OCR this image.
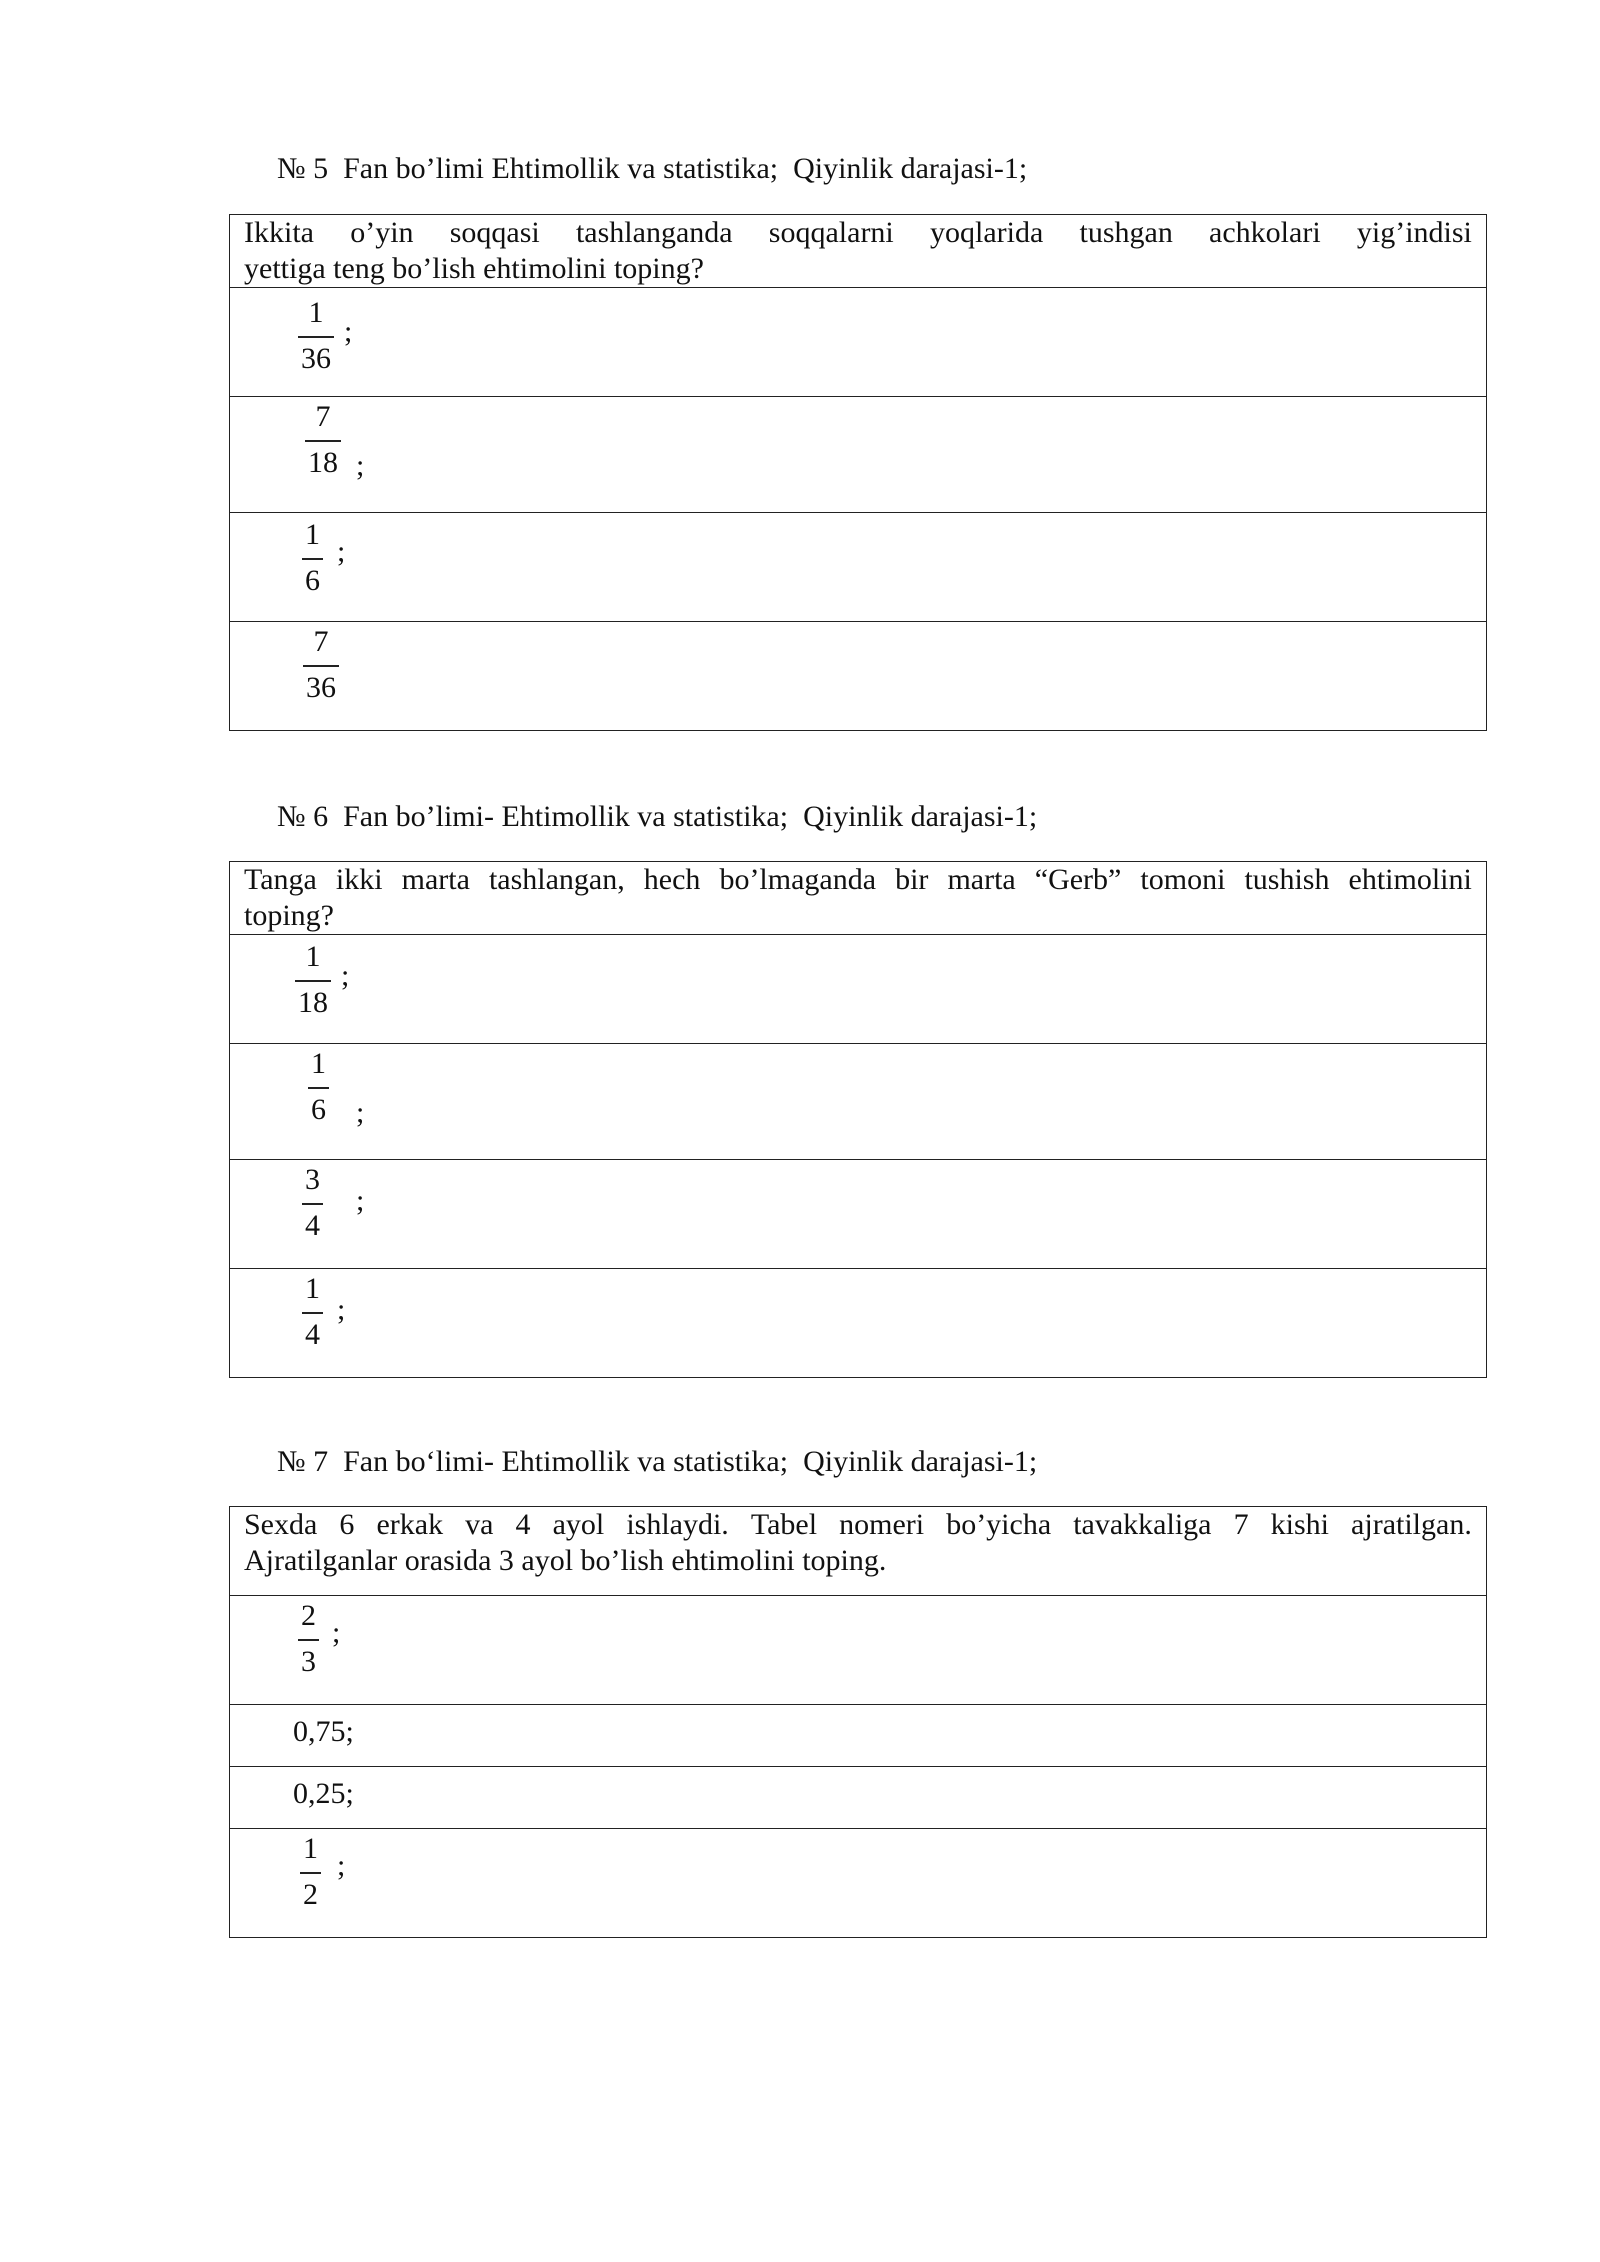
№ 5  Fan bo’limi Ehtimollik va statistika;  Qiyinlik darajasi-1;
Ikkita o’yin soqqasi tashlanganda soqqalarni yoqlarida tushgan achkolari yig’indisi
yettiga teng bo’lish ehtimolini toping?

1
36
;

7
18 ;

1
6
;

7
36
№ 6  Fan bo’limi- Ehtimollik va statistika;  Qiyinlik darajasi-1;
Tanga ikki marta tashlangan, hech bo’lmaganda bir marta “Gerb” tomoni tushish ehtimolini
toping?

1
18
;

1
6 ;

3
4
;

1
4
;
№ 7  Fan bo‘limi- Ehtimollik va statistika;  Qiyinlik darajasi-1;
Sexda 6 erkak va 4 ayol ishlaydi. Tabel nomeri bo’yicha tavakkaliga 7 kishi ajratilgan.
Ajratilganlar orasida 3 ayol bo’lish ehtimolini toping.

2
3
;

0,75;

0,25;

1
2
;
